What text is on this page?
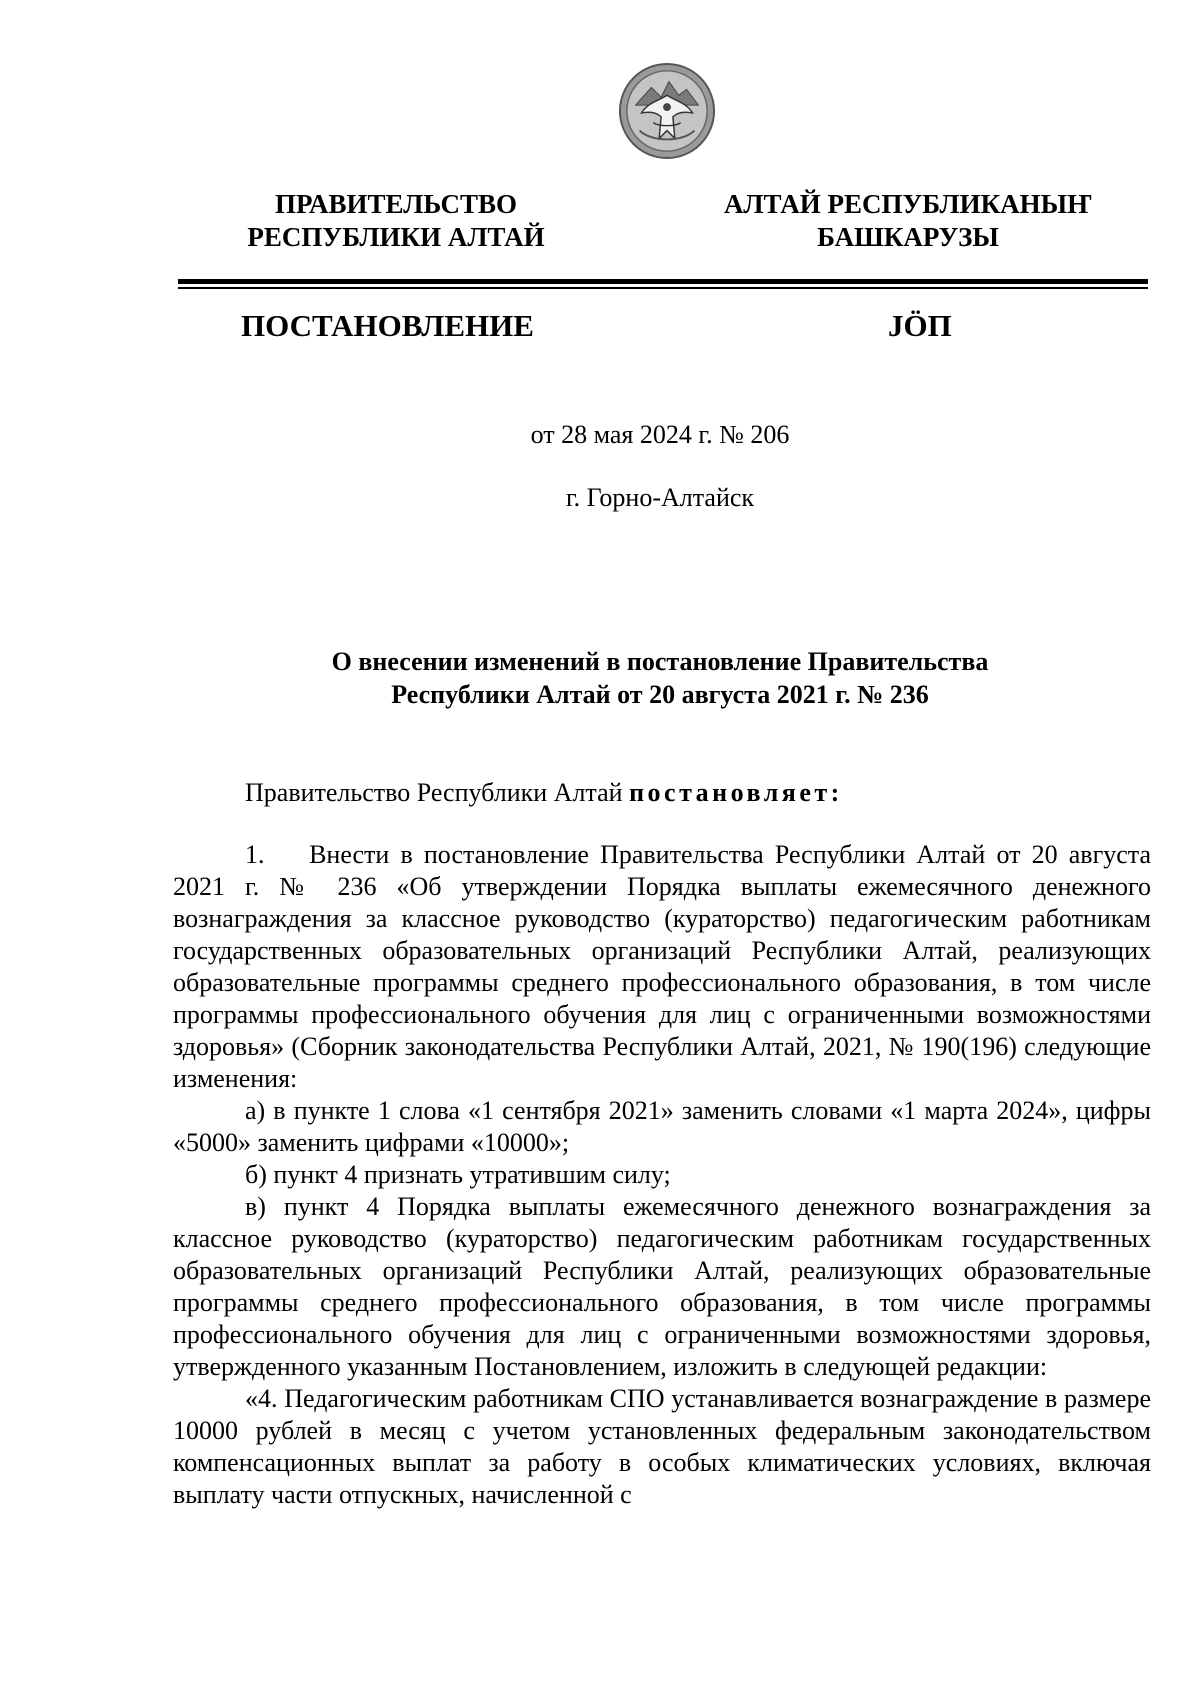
ПРАВИТЕЛЬСТВО
РЕСПУБЛИКИ АЛТАЙ
АЛТАЙ РЕСПУБЛИКАНЫҤ
БАШКАРУЗЫ
ПОСТАНОВЛЕНИЕ	JÖП
от 28 мая 2024 г. № 206
г. Горно-Алтайск
О внесении изменений в постановление Правительства
Республики Алтай от 20 августа 2021 г. № 236
Правительство Республики Алтай постановляет:

1.    Внести в постановление Правительства Республики Алтай от 20 августа 2021 г. № 236 «Об утверждении Порядка выплаты ежемесячного денежного вознаграждения за классное руководство (кураторство) педагогическим работникам государственных образовательных организаций Республики Алтай, реализующих образовательные программы среднего профессионального образования, в том числе программы профессионального обучения для лиц с ограниченными возможностями здоровья» (Сборник законодательства Республики Алтай, 2021, № 190(196) следующие изменения:

а) в пункте 1 слова «1 сентября 2021» заменить словами «1 марта 2024», цифры «5000» заменить цифрами «10000»;

б) пункт 4 признать утратившим силу;

в) пункт 4 Порядка выплаты ежемесячного денежного вознаграждения за классное руководство (кураторство) педагогическим работникам государственных образовательных организаций Республики Алтай, реализующих образовательные программы среднего профессионального образования, в том числе программы профессионального обучения для лиц с ограниченными возможностями здоровья, утвержденного указанным Постановлением, изложить в следующей редакции:

«4. Педагогическим работникам СПО устанавливается вознаграждение в размере 10000 рублей в месяц с учетом установленных федеральным законодательством компенсационных выплат за работу в особых климатических условиях, включая выплату части отпускных, начисленной с
